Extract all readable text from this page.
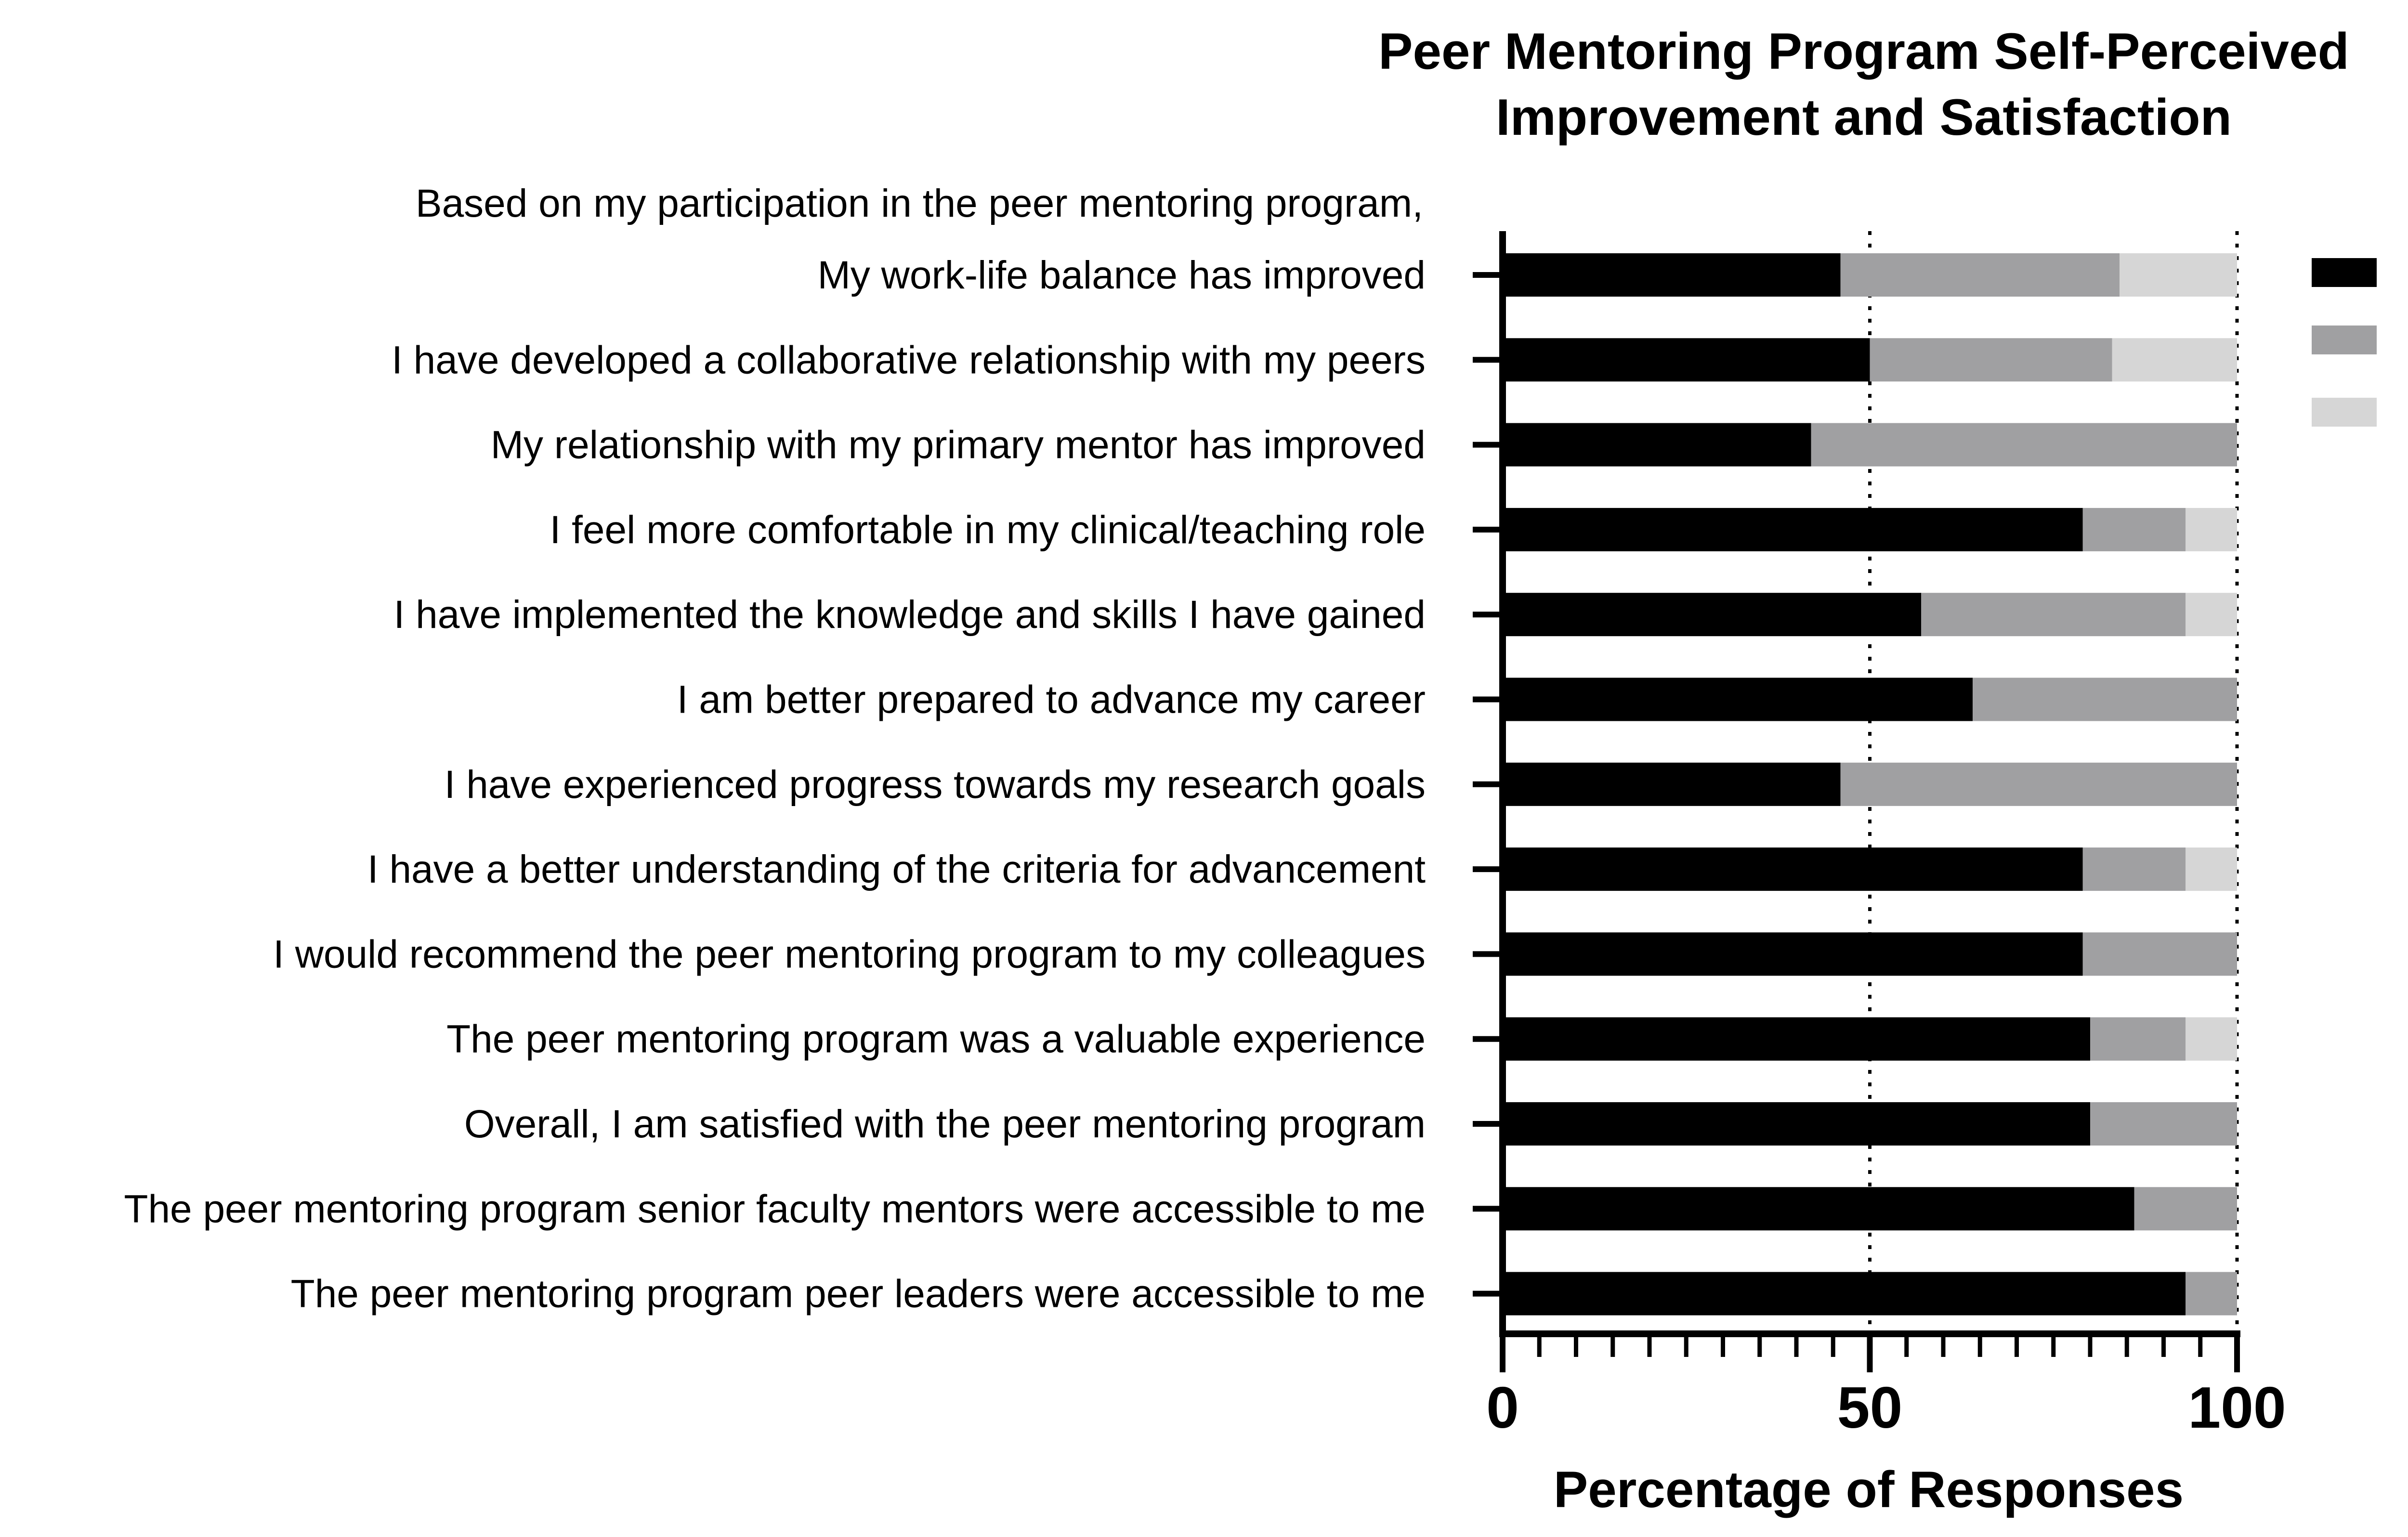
Peer Mentoring Program Self-Perceived
Improvement and Satisfaction
Based on my participation in the peer mentoring program,
My work-life balance has improved
I have developed a collaborative relationship with my peers
My relationship with my primary mentor has improved
I feel more comfortable in my clinical/teaching role
I have implemented the knowledge and skills I have gained
I am better prepared to advance my career
I have experienced progress towards my research goals
I have a better understanding of the criteria for advancement
I would recommend the peer mentoring program to my colleagues
The peer mentoring program was a valuable experience
Overall, I am satisfied with the peer mentoring program
The peer mentoring program senior faculty mentors were accessible to me
The peer mentoring program peer leaders were accessible to me
0	50	100
Percentage of Responses
